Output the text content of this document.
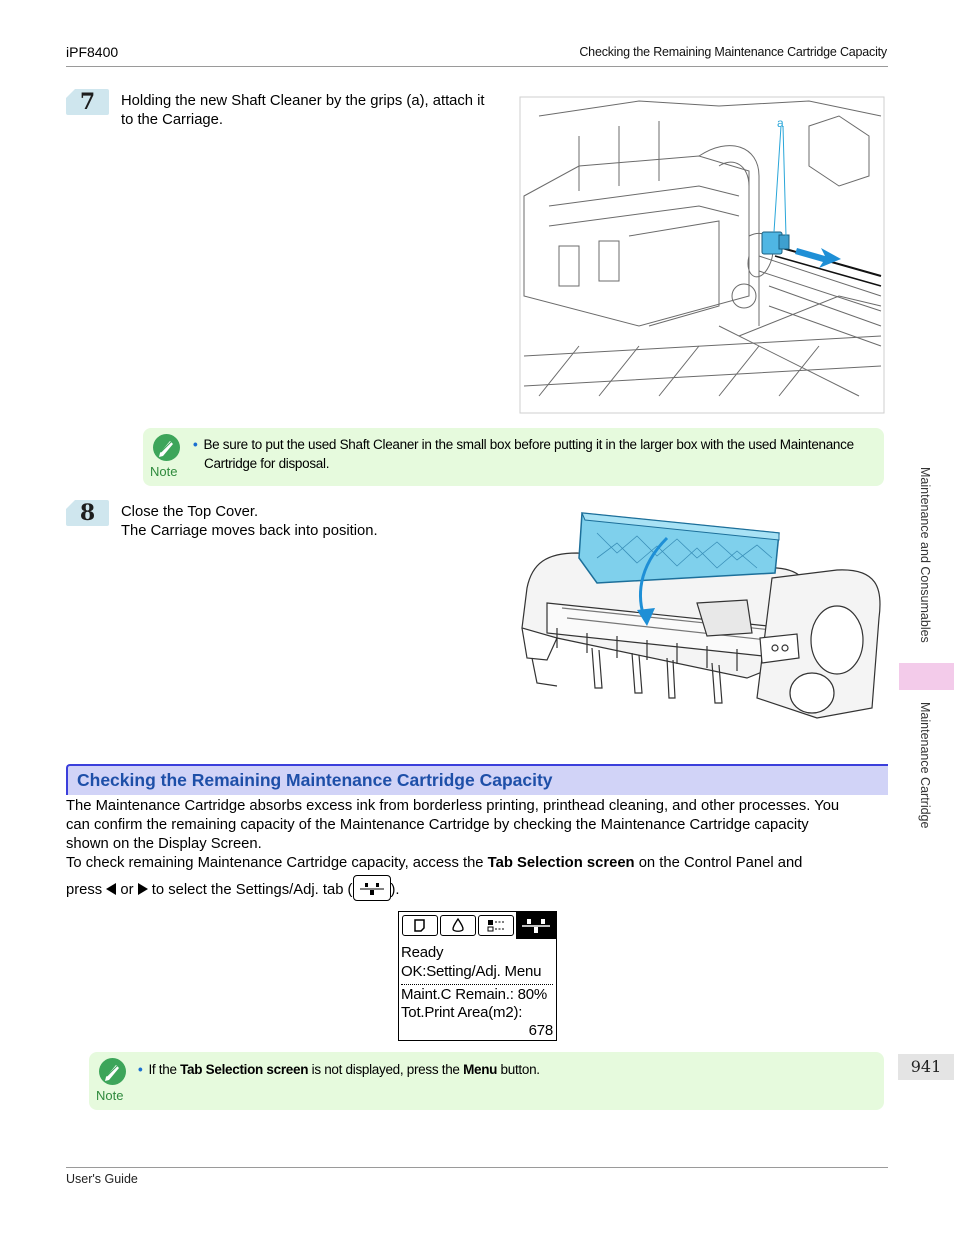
iPF8400	Checking the Remaining Maintenance Cartridge Capacity
7	Holding the new Shaft Cleaner by the grips (a), attach it
to the Carriage.	a
Note
• Be sure to put the used Shaft Cleaner in the small box before putting it in the larger box with the used Maintenance
Cartridge for disposal.
8	Close the Top Cover.
The Carriage moves back into position.
Checking the Remaining Maintenance Cartridge Capacity
The Maintenance Cartridge absorbs excess ink from borderless printing, printhead cleaning, and other processes. You
can confirm the remaining capacity of the Maintenance Cartridge by checking the Maintenance Cartridge capacity
shown on the Display Screen.
To check remaining Maintenance Cartridge capacity, access the Tab Selection screen on the Control Panel and
press  or  to select the Settings/Adj. tab (	).
Ready
OK:Setting/Adj. Menu
Maint.C Remain.: 80%
Tot.Print Area(m2):
678
Note
• If the Tab Selection screen is not displayed, press the Menu button.
Maintenance and Consumables
Maintenance Cartridge
941
User's Guide
